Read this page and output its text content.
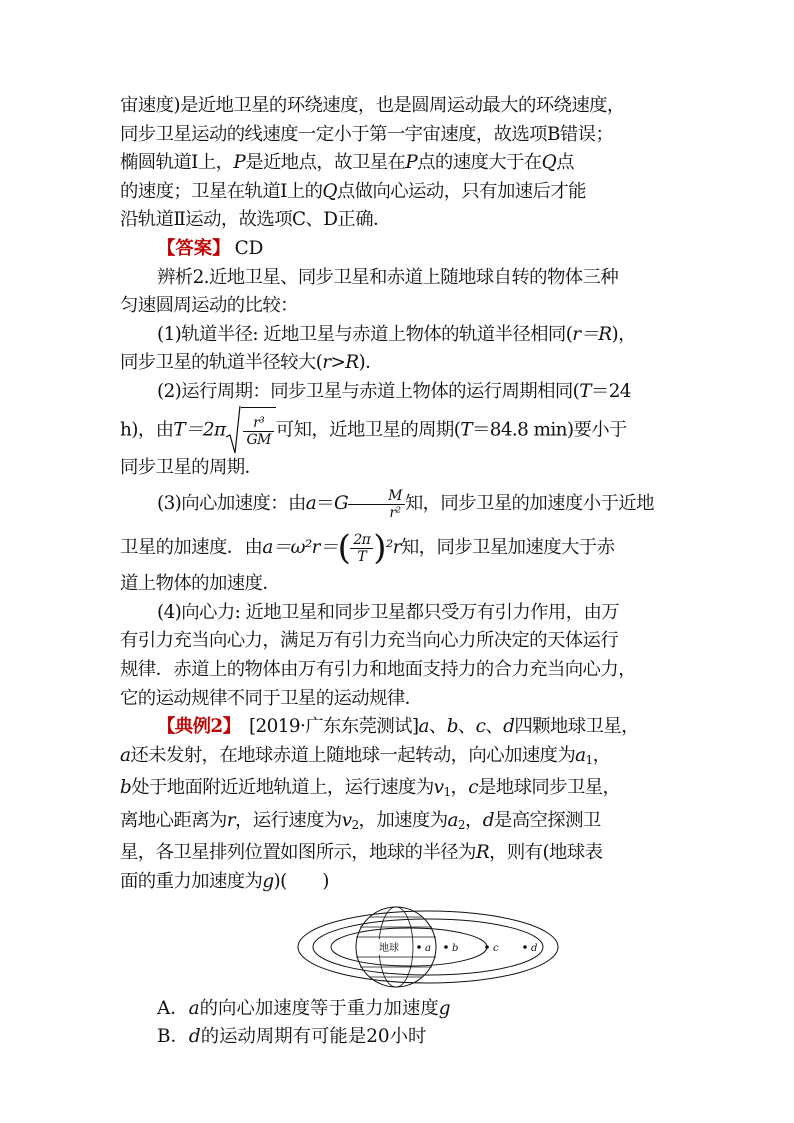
宙速度)是近地卫星的环绕速度，也是圆周运动最大的环绕速度，

同步卫星运动的线速度一定小于第一宇宙速度，故选项B错误；

椭圆轨道Ⅰ上，P是近地点，故卫星在P点的速度大于在Q点

的速度；卫星在轨道Ⅰ上的Q点做向心运动，只有加速后才能

沿轨道Ⅱ运动，故选项C、D正确．

【答案】 CD

辨析2.近地卫星、同步卫星和赤道上随地球自转的物体三种

匀速圆周运动的比较：

(1)轨道半径: 近地卫星与赤道上物体的轨道半径相同(r＝R)，

同步卫星的轨道半径较大(r>R)．

(2)运行周期：同步卫星与赤道上物体的运行周期相同(T＝24

h)，由$T=2\pi \frac{\text{r³}}{GM}$ 可知，近地卫星的周期(T＝84.8 min)要小于

同步卫星的周期．

(3)向心加速度：由$a=G \frac{M}{\text{r²}}$ 知，同步卫星的加速度小于近地

卫星的加速度．由$a=\omega^2r=( \frac{2\pi}{T} )^2r$知，同步卫星加速度大于赤

道上物体的加速度．

(4)向心力: 近地卫星和同步卫星都只受万有引力作用，由万

有引力充当向心力，满足万有引力充当向心力所决定的天体运行

规律．赤道上的物体由万有引力和地面支持力的合力充当向心力，

它的运动规律不同于卫星的运动规律．

【典例2】　 [2019·广东东莞测试]a、b、c、d四颗地球卫星，

a还未发射，在地球赤道上随地球一起转动，向心加速度为$a_1$，

b处于地面附近近地轨道上，运行速度为$v_1$，c是地球同步卫星，

离地心距离为r，运行速度为$v_2$，加速度为$a_2$，d是高空探测卫

星，各卫星排列位置如图所示，地球的半径为R，则有(地球表

面的重力加速度为g)(　　)

地球	a b	c	d

A．a的向心加速度等于重力加速度g

B．d的运动周期有可能是20小时
